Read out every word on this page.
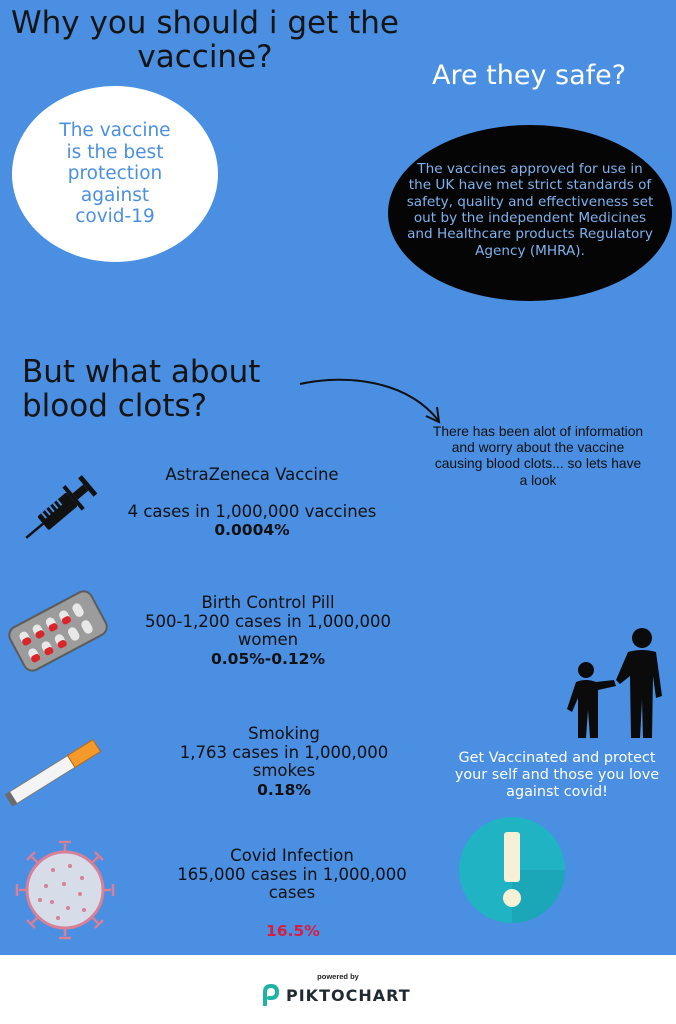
Why you should i get the vaccine?
The vaccine is the best protection against covid-19
Are they safe?
The vaccines approved for use in the UK have met strict standards of safety, quality and effectiveness set out by the independent Medicines and Healthcare products Regulatory Agency (MHRA).
But what about blood clots?
There has been alot of information and worry about the vaccine causing blood clots... so lets have a look
AstraZeneca Vaccine
4 cases in 1,000,000 vaccines
0.0004%
Birth Control Pill
500-1,200 cases in 1,000,000 women
0.05%-0.12%
Smoking
1,763 cases in 1,000,000 smokes
0.18%
Covid Infection
165,000 cases in 1,000,000 cases
16.5%
Get Vaccinated and protect your self and those you love against covid!
powered by
PIKTOCHART
